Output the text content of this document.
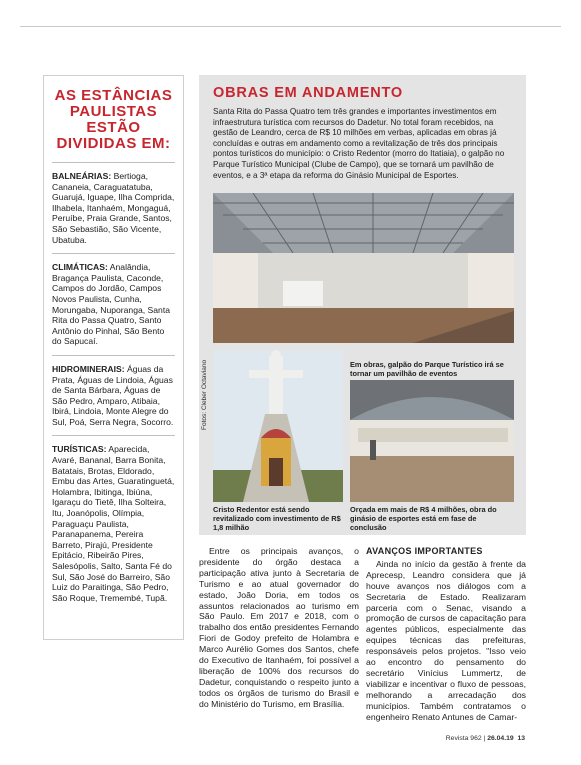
AS ESTÂNCIAS PAULISTAS ESTÃO DIVIDIDAS EM:
BALNEÁRIAS: Bertioga, Cananeia, Caraguatatuba, Guarujá, Iguape, Ilha Comprida, Ilhabela, Itanhaém, Mongaguá, Peruíbe, Praia Grande, Santos, São Sebastião, São Vicente, Ubatuba.
CLIMÁTICAS: Analândia, Bragança Paulista, Caconde, Campos do Jordão, Campos Novos Paulista, Cunha, Morungaba, Nuporanga, Santa Rita do Passa Quatro, Santo Antônio do Pinhal, São Bento do Sapucaí.
HIDROMINERAIS: Águas da Prata, Águas de Lindoia, Águas de Santa Bárbara, Águas de São Pedro, Amparo, Atibaia, Ibirá, Lindoia, Monte Alegre do Sul, Poá, Serra Negra, Socorro.
TURÍSTICAS: Aparecida, Avaré, Bananal, Barra Bonita, Batatais, Brotas, Eldorado, Embu das Artes, Guaratinguetá, Holambra, Ibitinga, Ibiúna, Igaraçu do Tietê, Ilha Solteira, Itu, Joanópolis, Olímpia, Paraguaçu Paulista, Paranapanema, Pereira Barreto, Pirajú, Presidente Epitácio, Ribeirão Pires, Salesópolis, Salto, Santa Fé do Sul, São José do Barreiro, São Luiz do Paraitinga, São Pedro, São Roque, Tremembé, Tupã.
OBRAS EM ANDAMENTO
Santa Rita do Passa Quatro tem três grandes e importantes investimentos em infraestrutura turística com recursos do Dadetur. No total foram recebidos, na gestão de Leandro, cerca de R$ 10 milhões em verbas, aplicadas em obras já concluídas e outras em andamento como a revitalização de três dos principais pontos turísticos do município: o Cristo Redentor (morro do Itatiaia), o galpão no Parque Turístico Municipal (Clube de Campo), que se tornará um pavilhão de eventos, e a 3ª etapa da reforma do Ginásio Municipal de Esportes.
Em obras, galpão do Parque Turístico irá se tornar um pavilhão de eventos
Fotos: Cleber Octaviano
Cristo Redentor está sendo revitalizado com investimento de R$ 1,8 milhão
Orçada em mais de R$ 4 milhões, obra do ginásio de esportes está em fase de conclusão
Entre os principais avanços, o presidente do órgão destaca a participação ativa junto à Secretaria de Turismo e ao atual governador do estado, João Doria, em todos os assuntos relacionados ao turismo em São Paulo. Em 2017 e 2018, com o trabalho dos então presidentes Fernando Fiori de Godoy prefeito de Holambra e Marco Aurélio Gomes dos Santos, chefe do Executivo de Itanhaém, foi possível a liberação de 100% dos recursos do Dadetur, conquistando o respeito junto a todos os órgãos de turismo do Brasil e do Ministério do Turismo, em Brasília.
AVANÇOS IMPORTANTES
Ainda no início da gestão à frente da Aprecesp, Leandro considera que já houve avanços nos diálogos com a Secretaria de Estado. Realizaram parceria com o Senac, visando a promoção de cursos de capacitação para agentes públicos, especialmente das equipes técnicas das prefeituras, responsáveis pelos projetos. "Isso veio ao encontro do pensamento do secretário Vinícius Lummertz, de viabilizar e incentivar o fluxo de pessoas, melhorando a arrecadação dos municípios. Também contratamos o engenheiro Renato Antunes de Camar-
Revista 962 | 26.04.19 13
